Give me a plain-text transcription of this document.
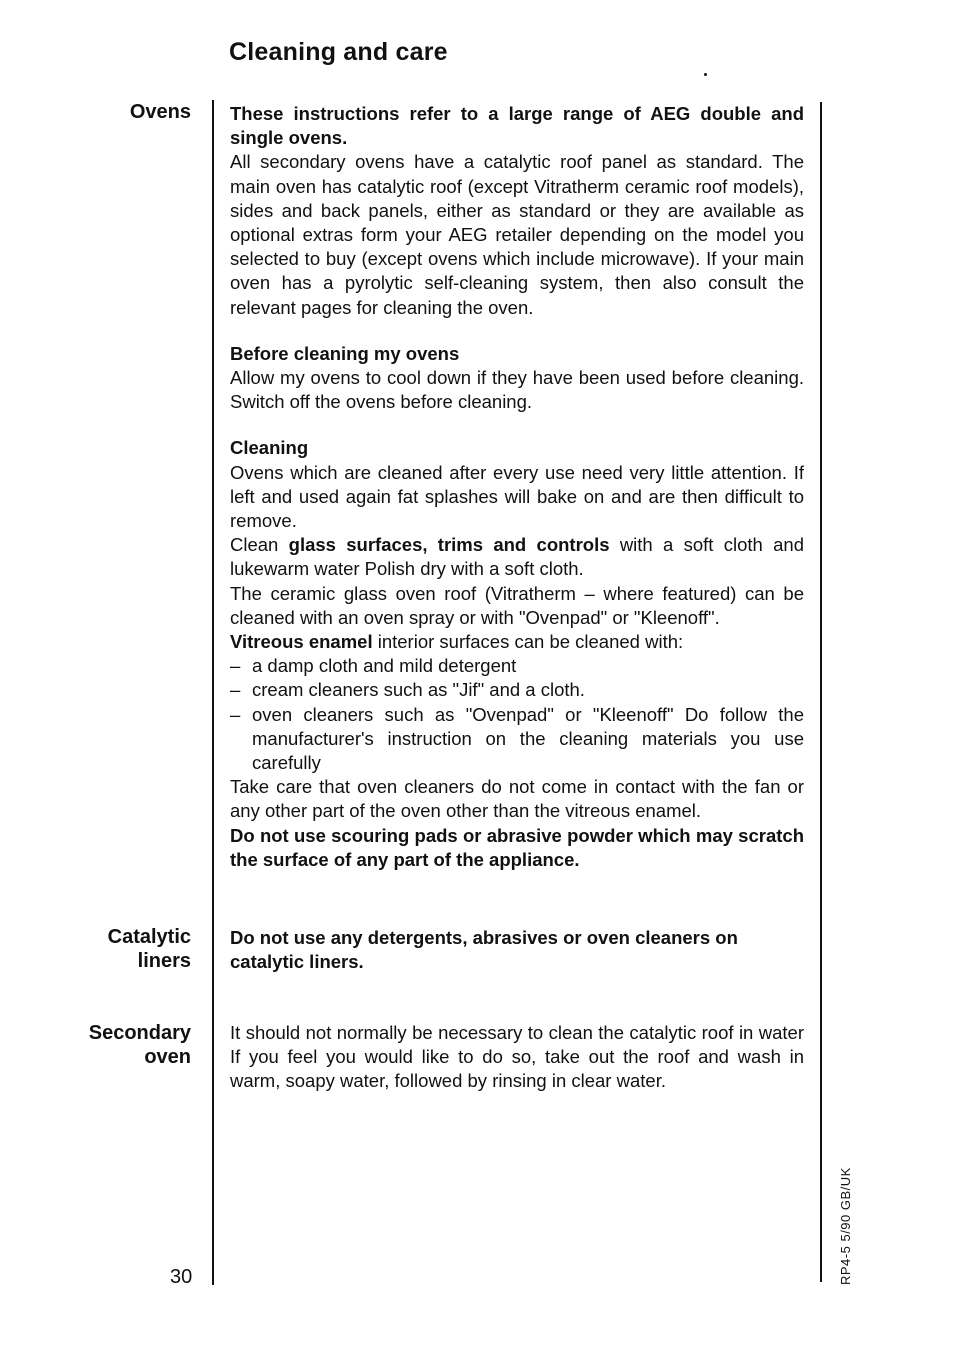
Cleaning and care
Ovens These instructions refer to a large range of AEG double and single ovens.

All secondary ovens have a catalytic roof panel as standard. The main oven has catalytic roof (except Vitratherm ceramic roof models), sides and back panels, either as standard or they are available as optional extras form your AEG retailer depending on the model you selected to buy (except ovens which include microwave). If your main oven has a pyrolytic self-cleaning system, then also consult the relevant pages for cleaning the oven.

Before cleaning my ovens

Allow my ovens to cool down if they have been used before cleaning. Switch off the ovens before cleaning.

Cleaning

Ovens which are cleaned after every use need very little attention. If left and used again fat splashes will bake on and are then difficult to remove.

Clean glass surfaces, trims and controls with a soft cloth and lukewarm water Polish dry with a soft cloth.

The ceramic glass oven roof (Vitratherm – where featured) can be cleaned with an oven spray or with "Ovenpad" or "Kleenoff".

Vitreous enamel interior surfaces can be cleaned with:

– a damp cloth and mild detergent
– cream cleaners such as "Jif" and a cloth.
– oven cleaners such as "Ovenpad" or "Kleenoff" Do follow the manufacturer's instruction on the cleaning materials you use carefully

Take care that oven cleaners do not come in contact with the fan or any other part of the oven other than the vitreous enamel.

Do not use scouring pads or abrasive powder which may scratch the surface of any part of the appliance.

Catalytic
liners

Do not use any detergents, abrasives or oven cleaners on catalytic liners.

Secondary
oven

It should not normally be necessary to clean the catalytic roof in water If you feel you would like to do so, take out the roof and wash in warm, soapy water, followed by rinsing in clear water.

30	RP4-5 5/90 GB/UK
